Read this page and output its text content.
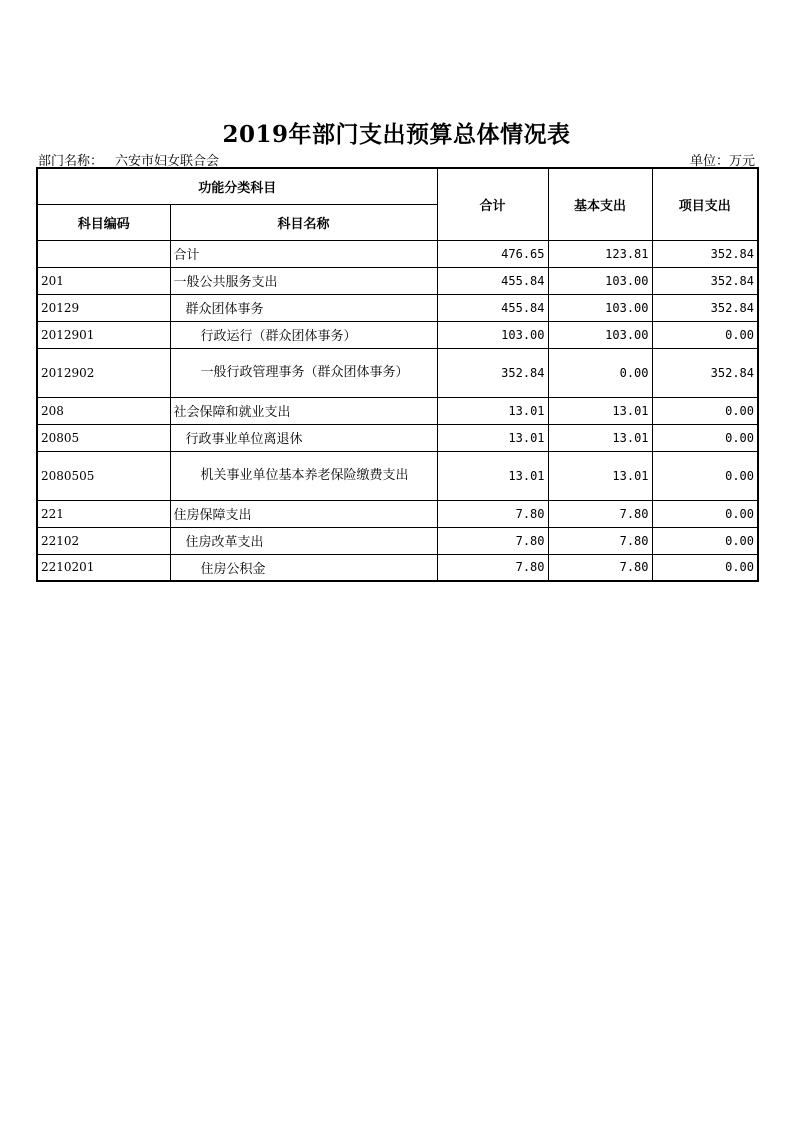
2019年部门支出预算总体情况表
部门名称： 六安市妇女联合会	单位：万元
功能分类科目		合计	基本支出	项目支出
科目编码	科目名称			
	合计	476.65	123.81	352.84
201	一般公共服务支出	455.84	103.00	352.84
20129	群众团体事务	455.84	103.00	352.84
2012901	行政运行（群众团体事务）	103.00	103.00	0.00
2012902	一般行政管理事务（群众团体事务）	352.84	0.00	352.84
208	社会保障和就业支出	13.01	13.01	0.00
20805	行政事业单位离退休	13.01	13.01	0.00
2080505	机关事业单位基本养老保险缴费支出	13.01	13.01	0.00
221	住房保障支出	7.80	7.80	0.00
22102	住房改革支出	7.80	7.80	0.00
2210201	住房公积金	7.80	7.80	0.00
